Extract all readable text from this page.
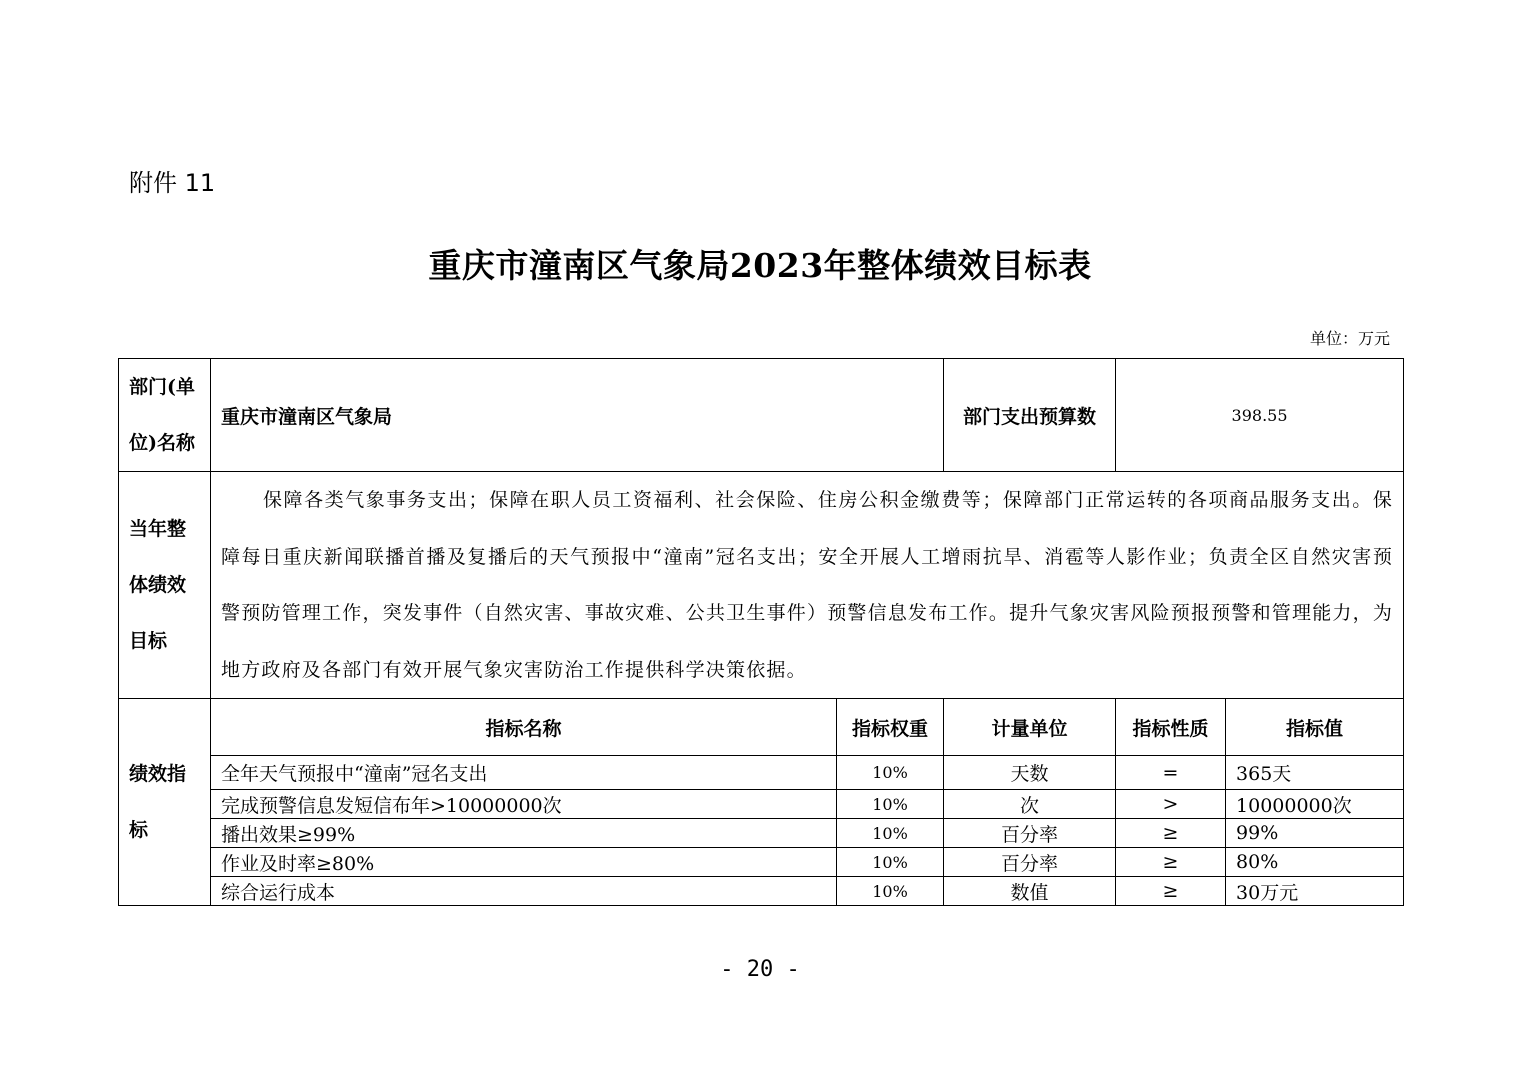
附件 11
重庆市潼南区气象局2023年整体绩效目标表
单位：万元
部门(单
位)名称	重庆市潼南区气象局		部门支出预算数	398.55	
当年整
体绩效
目标	保障各类气象事务支出；保障在职人员工资福利、社会保险、住房公积金缴费等；保障部门正常运转的各项商品服务支出。保障每日重庆新闻联播首播及复播后的天气预报中“潼南”冠名支出；安全开展人工增雨抗旱、消雹等人影作业；负责全区自然灾害预警预防管理工作，突发事件（自然灾害、事故灾难、公共卫生事件）预警信息发布工作。提升气象灾害风险预报预警和管理能力，为地方政府及各部门有效开展气象灾害防治工作提供科学决策依据。				
绩效指
标	指标名称	指标权重	计量单位	指标性质	指标值
	全年天气预报中“潼南”冠名支出	10%	天数	=	365天
	完成预警信息发短信布年>10000000次	10%	次	>	10000000次
	播出效果≥99%	10%	百分率	≥	99%
	作业及时率≥80%	10%	百分率	≥	80%
	综合运行成本	10%	数值	≥	30万元
- 20 -
